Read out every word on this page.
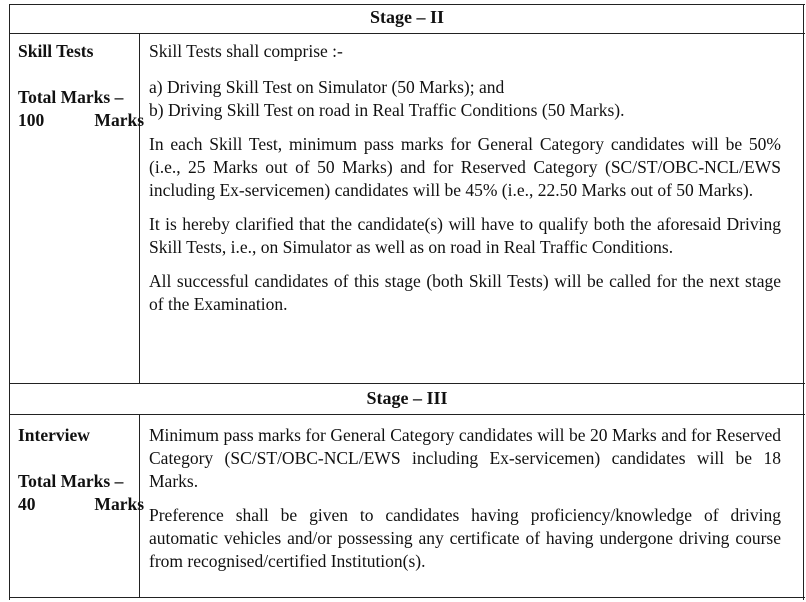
Stage – II
Skill Tests
Total Marks – 100 Marks

Skill Tests shall comprise :-

a) Driving Skill Test on Simulator (50 Marks); and

b) Driving Skill Test on road in Real Traffic Conditions (50 Marks).

In each Skill Test, minimum pass marks for General Category candidates will be 50% (i.e., 25 Marks out of 50 Marks) and for Reserved Category (SC/ST/OBC-NCL/EWS including Ex-servicemen) candidates will be 45% (i.e., 22.50 Marks out of 50 Marks).

It is hereby clarified that the candidate(s) will have to qualify both the aforesaid Driving Skill Tests, i.e., on Simulator as well as on road in Real Traffic Conditions.

All successful candidates of this stage (both Skill Tests) will be called for the next stage of the Examination.

Stage – III
Interview
Total Marks – 40 Marks

Minimum pass marks for General Category candidates will be 20 Marks and for Reserved Category (SC/ST/OBC-NCL/EWS including Ex-servicemen) candidates will be 18 Marks.

Preference shall be given to candidates having proficiency/knowledge of driving automatic vehicles and/or possessing any certificate of having undergone driving course from recognised/certified Institution(s).
